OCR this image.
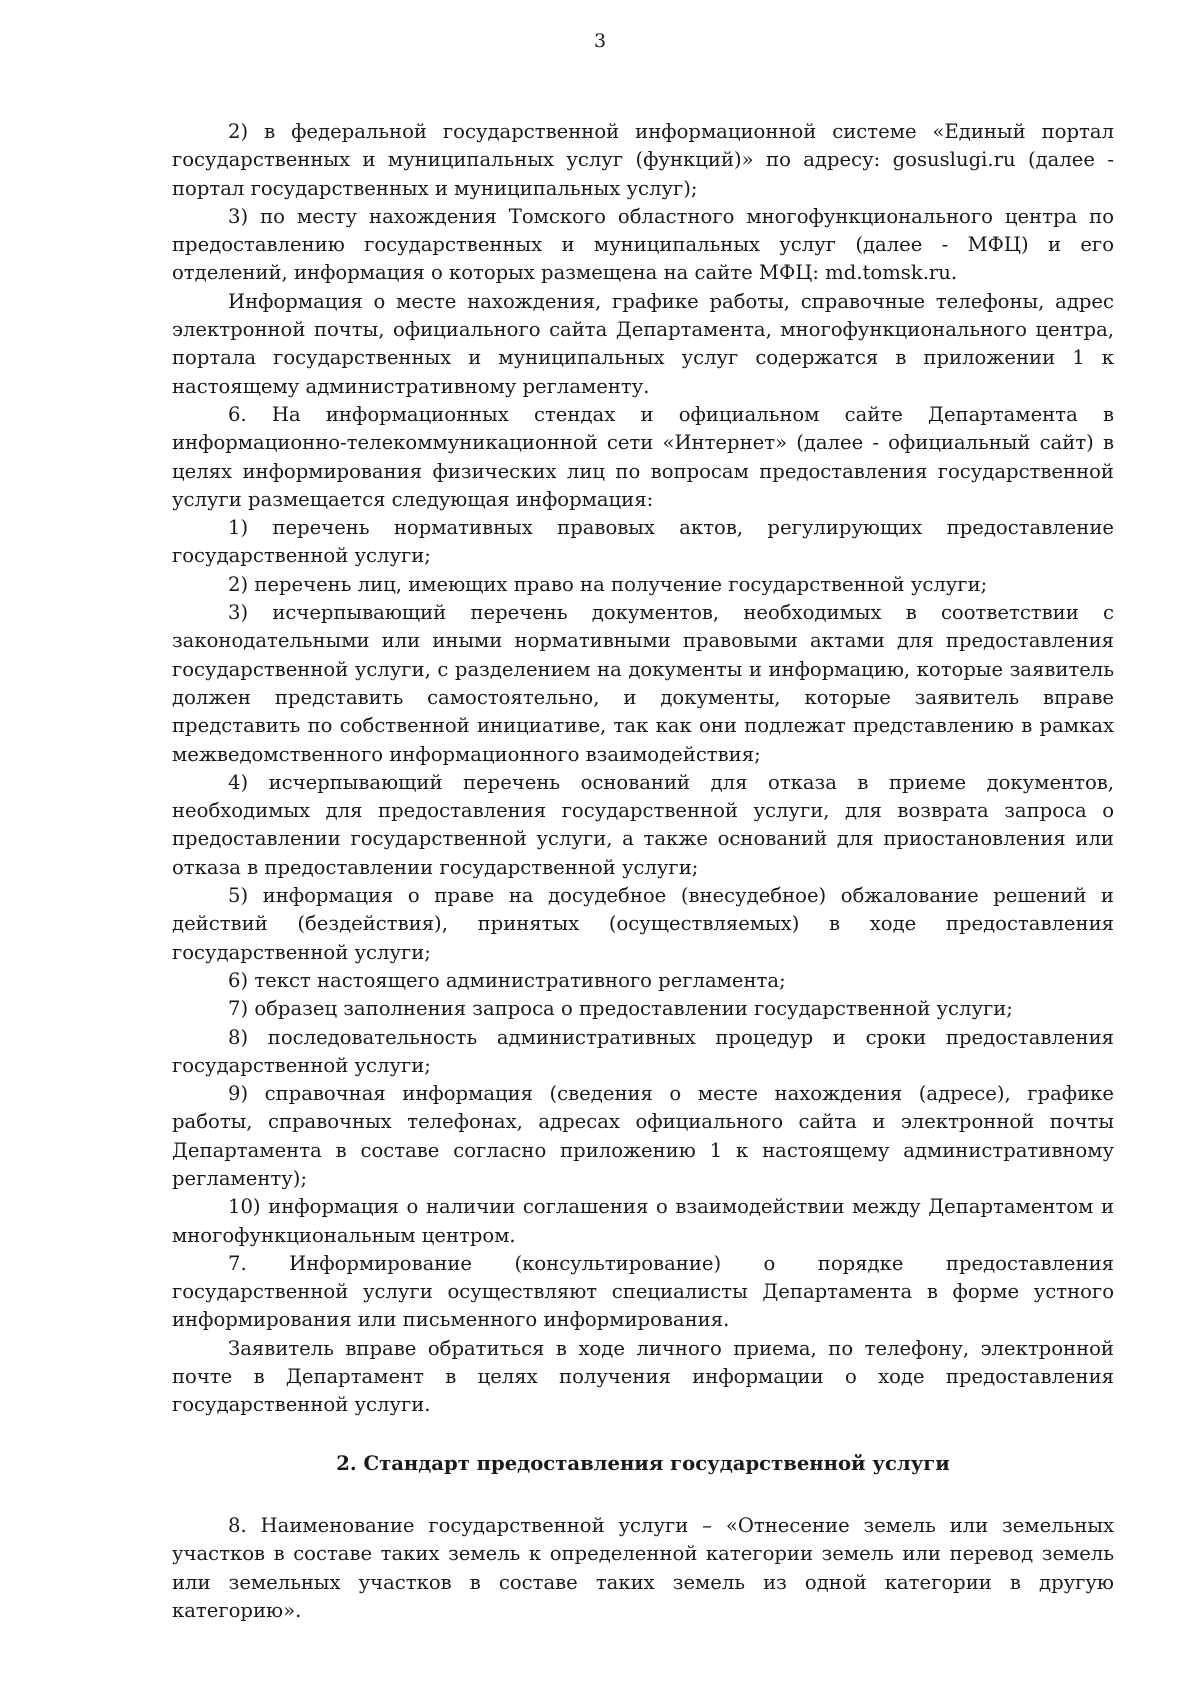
3

2) в федеральной государственной информационной системе «Единый портал государственных и муниципальных услуг (функций)» по адресу: gosuslugi.ru (далее - портал государственных и муниципальных услуг);

3) по месту нахождения Томского областного многофункционального центра по предоставлению государственных и муниципальных услуг (далее - МФЦ) и его отделений, информация о которых размещена на сайте МФЦ: md.tomsk.ru.

Информация о месте нахождения, графике работы, справочные телефоны, адрес электронной почты, официального сайта Департамента, многофункционального центра, портала государственных и муниципальных услуг содержатся в приложении 1 к настоящему административному регламенту.

6. На информационных стендах и официальном сайте Департамента в информационно-телекоммуникационной сети «Интернет» (далее - официальный сайт) в целях информирования физических лиц по вопросам предоставления государственной услуги размещается следующая информация:

1) перечень нормативных правовых актов, регулирующих предоставление государственной услуги;

2) перечень лиц, имеющих право на получение государственной услуги;

3) исчерпывающий перечень документов, необходимых в соответствии с законодательными или иными нормативными правовыми актами для предоставления государственной услуги, с разделением на документы и информацию, которые заявитель должен представить самостоятельно, и документы, которые заявитель вправе представить по собственной инициативе, так как они подлежат представлению в рамках межведомственного информационного взаимодействия;

4) исчерпывающий перечень оснований для отказа в приеме документов, необходимых для предоставления государственной услуги, для возврата запроса о предоставлении государственной услуги, а также оснований для приостановления или отказа в предоставлении государственной услуги;

5) информация о праве на досудебное (внесудебное) обжалование решений и действий (бездействия), принятых (осуществляемых) в ходе предоставления государственной услуги;

6) текст настоящего административного регламента;

7) образец заполнения запроса о предоставлении государственной услуги;

8) последовательность административных процедур и сроки предоставления государственной услуги;

9) справочная информация (сведения о месте нахождения (адресе), графике работы, справочных телефонах, адресах официального сайта и электронной почты Департамента в составе согласно приложению 1 к настоящему административному регламенту);

10) информация о наличии соглашения о взаимодействии между Департаментом и многофункциональным центром.

7. Информирование (консультирование) о порядке предоставления государственной услуги осуществляют специалисты Департамента в форме устного информирования или письменного информирования.

Заявитель вправе обратиться в ходе личного приема, по телефону, электронной почте в Департамент в целях получения информации о ходе предоставления государственной услуги.

2. Стандарт предоставления государственной услуги

8. Наименование государственной услуги – «Отнесение земель или земельных участков в составе таких земель к определенной категории земель или перевод земель или земельных участков в составе таких земель из одной категории в другую категорию».
